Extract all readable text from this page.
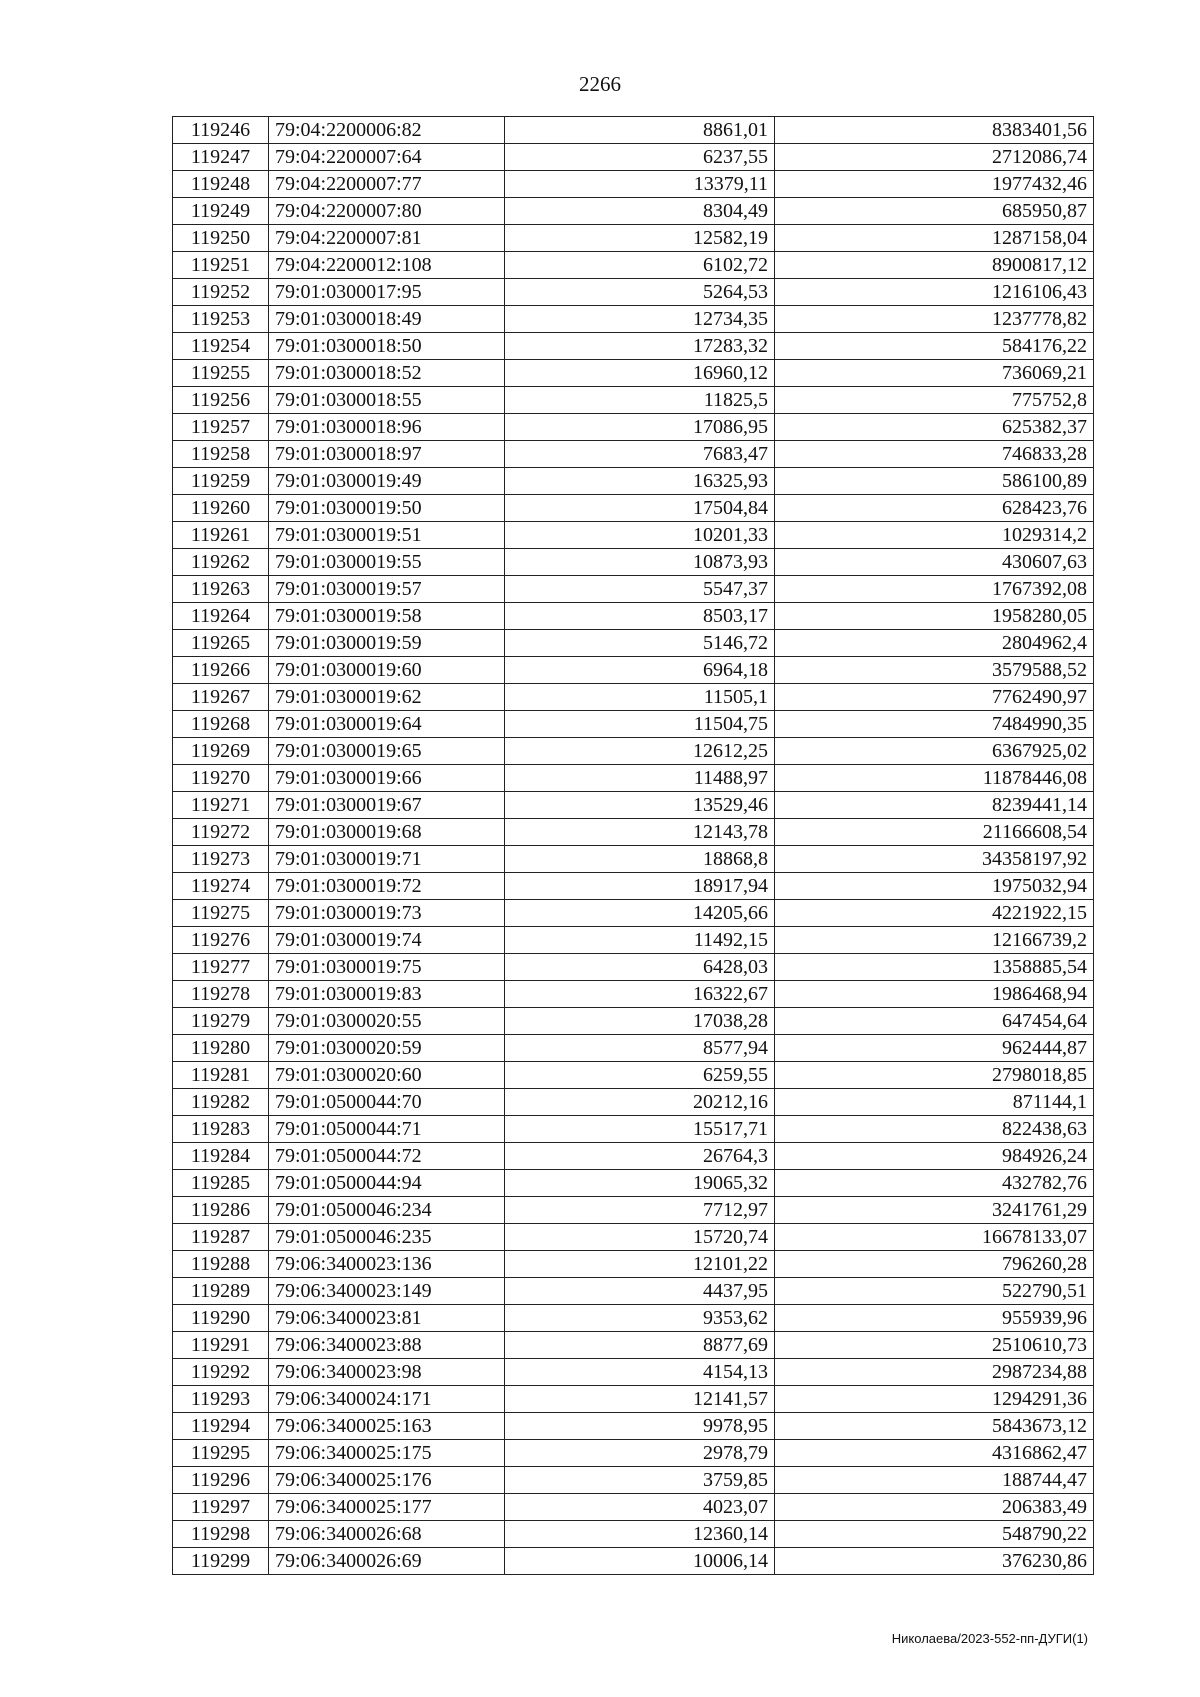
2266
119246	79:04:2200006:82	8861,01	8383401,56
119247	79:04:2200007:64	6237,55	2712086,74
119248	79:04:2200007:77	13379,11	1977432,46
119249	79:04:2200007:80	8304,49	685950,87
119250	79:04:2200007:81	12582,19	1287158,04
119251	79:04:2200012:108	6102,72	8900817,12
119252	79:01:0300017:95	5264,53	1216106,43
119253	79:01:0300018:49	12734,35	1237778,82
119254	79:01:0300018:50	17283,32	584176,22
119255	79:01:0300018:52	16960,12	736069,21
119256	79:01:0300018:55	11825,5	775752,8
119257	79:01:0300018:96	17086,95	625382,37
119258	79:01:0300018:97	7683,47	746833,28
119259	79:01:0300019:49	16325,93	586100,89
119260	79:01:0300019:50	17504,84	628423,76
119261	79:01:0300019:51	10201,33	1029314,2
119262	79:01:0300019:55	10873,93	430607,63
119263	79:01:0300019:57	5547,37	1767392,08
119264	79:01:0300019:58	8503,17	1958280,05
119265	79:01:0300019:59	5146,72	2804962,4
119266	79:01:0300019:60	6964,18	3579588,52
119267	79:01:0300019:62	11505,1	7762490,97
119268	79:01:0300019:64	11504,75	7484990,35
119269	79:01:0300019:65	12612,25	6367925,02
119270	79:01:0300019:66	11488,97	11878446,08
119271	79:01:0300019:67	13529,46	8239441,14
119272	79:01:0300019:68	12143,78	21166608,54
119273	79:01:0300019:71	18868,8	34358197,92
119274	79:01:0300019:72	18917,94	1975032,94
119275	79:01:0300019:73	14205,66	4221922,15
119276	79:01:0300019:74	11492,15	12166739,2
119277	79:01:0300019:75	6428,03	1358885,54
119278	79:01:0300019:83	16322,67	1986468,94
119279	79:01:0300020:55	17038,28	647454,64
119280	79:01:0300020:59	8577,94	962444,87
119281	79:01:0300020:60	6259,55	2798018,85
119282	79:01:0500044:70	20212,16	871144,1
119283	79:01:0500044:71	15517,71	822438,63
119284	79:01:0500044:72	26764,3	984926,24
119285	79:01:0500044:94	19065,32	432782,76
119286	79:01:0500046:234	7712,97	3241761,29
119287	79:01:0500046:235	15720,74	16678133,07
119288	79:06:3400023:136	12101,22	796260,28
119289	79:06:3400023:149	4437,95	522790,51
119290	79:06:3400023:81	9353,62	955939,96
119291	79:06:3400023:88	8877,69	2510610,73
119292	79:06:3400023:98	4154,13	2987234,88
119293	79:06:3400024:171	12141,57	1294291,36
119294	79:06:3400025:163	9978,95	5843673,12
119295	79:06:3400025:175	2978,79	4316862,47
119296	79:06:3400025:176	3759,85	188744,47
119297	79:06:3400025:177	4023,07	206383,49
119298	79:06:3400026:68	12360,14	548790,22
119299	79:06:3400026:69	10006,14	376230,86
Николаева/2023-552-пп-ДУГИ(1)
